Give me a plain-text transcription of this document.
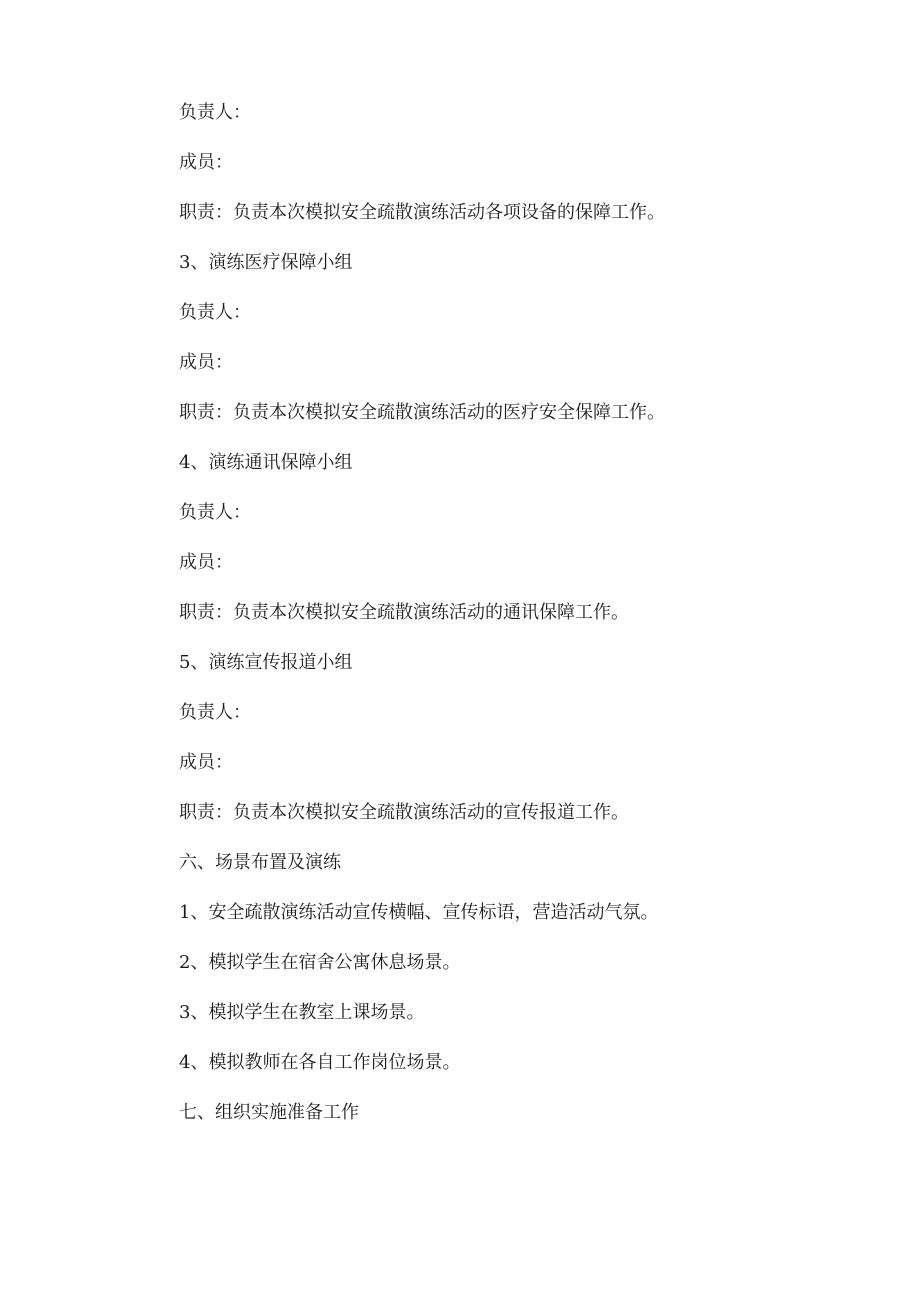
负责人：

成员：

职责：负责本次模拟安全疏散演练活动各项设备的保障工作。

3、演练医疗保障小组

负责人：

成员：

职责：负责本次模拟安全疏散演练活动的医疗安全保障工作。

4、演练通讯保障小组

负责人：

成员：

职责：负责本次模拟安全疏散演练活动的通讯保障工作。

5、演练宣传报道小组

负责人：

成员：

职责：负责本次模拟安全疏散演练活动的宣传报道工作。

六、场景布置及演练

1、安全疏散演练活动宣传横幅、宣传标语，营造活动气氛。

2、模拟学生在宿舍公寓休息场景。

3、模拟学生在教室上课场景。

4、模拟教师在各自工作岗位场景。

七、组织实施准备工作
